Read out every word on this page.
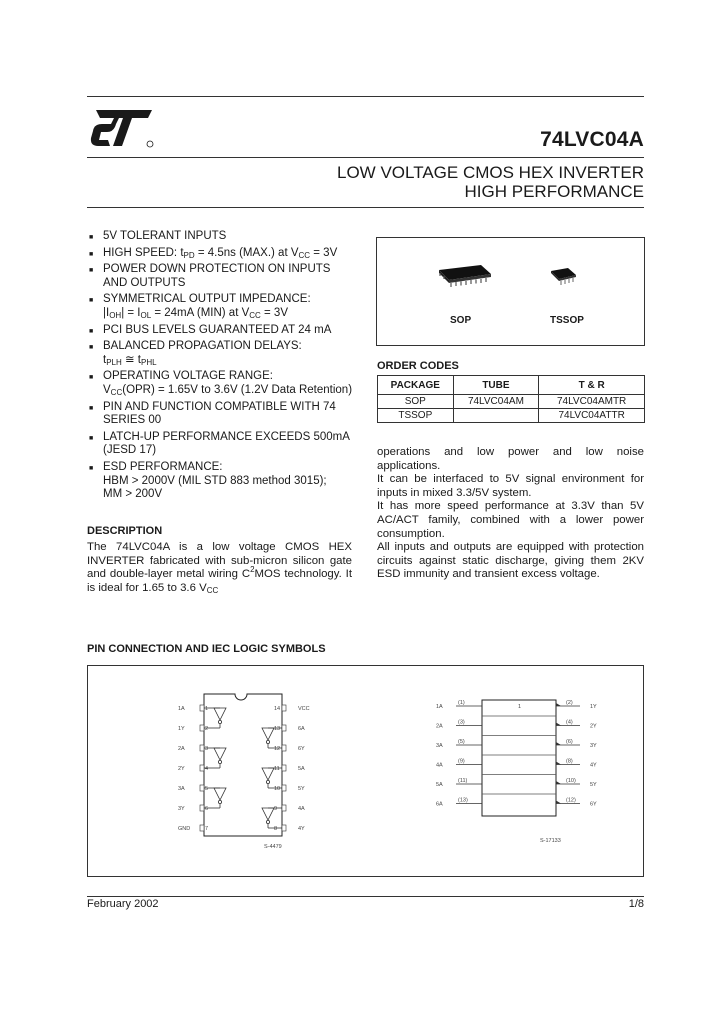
74LVC04A
LOW VOLTAGE CMOS HEX INVERTER
HIGH PERFORMANCE
■ 5V TOLERANT INPUTS
■ HIGH SPEED: $t_{PD} = 4.5ns$ (MAX.) at $V_{CC} = 3V$
■ POWER DOWN PROTECTION ON INPUTS AND OUTPUTS
■ SYMMETRICAL OUTPUT IMPEDANCE:
$|I_{OH}| = I_{OL} = 24mA$ (MIN) at $V_{CC} = 3V$
■ PCI BUS LEVELS GUARANTEED AT 24 mA
■ BALANCED PROPAGATION DELAYS:
$t_{PLH}$ ≅ $t_{PHL}$
■ OPERATING VOLTAGE RANGE:
$V_{CC}(OPR) = 1.65V$ to 3.6V (1.2V Data Retention)
■ PIN AND FUNCTION COMPATIBLE WITH 74 SERIES 00
■ LATCH-UP PERFORMANCE EXCEEDS 500mA (JESD 17)
■ ESD PERFORMANCE:
HBM > 2000V (MIL STD 883 method 3015);
MM > 200V
DESCRIPTION
The 74LVC04A is a low voltage CMOS HEX INVERTER fabricated with sub-micron silicon gate and double-layer metal wiring $C^2MOS$ technology. It is ideal for 1.65 to 3.6 $V_{CC}$
SOP	TSSOP
ORDER CODES
PACKAGE	TUBE	T & R
SOP	74LVC04AM	74LVC04AMTR
TSSOP		74LVC04ATTR
operations and low power and low noise applications.
It can be interfaced to 5V signal environment for inputs in mixed 3.3/5V system.
It has more speed performance at 3.3V than 5V AC/ACT family, combined with a lower power consumption.
All inputs and outputs are equipped with protection circuits against static discharge, giving them 2KV ESD immunity and transient excess voltage.
PIN CONNECTION AND IEC LOGIC SYMBOLS
1A	1
1Y	2
2A	3
2Y	4
3A	5
3Y	6
GND	7
14	VCC
13	6A
12	6Y
11	5A
10	5Y
9	4A
8	4Y
S-4479
1
1A
(1)	(2)
1Y
2A
(3)	(4)
2Y
3A
(5)	(6)
3Y
4A
(9)	(8)
4Y
5A
(11)	(10)
5Y
6A
(13)	(12)
6Y
S-17133
February 2002	1/8
